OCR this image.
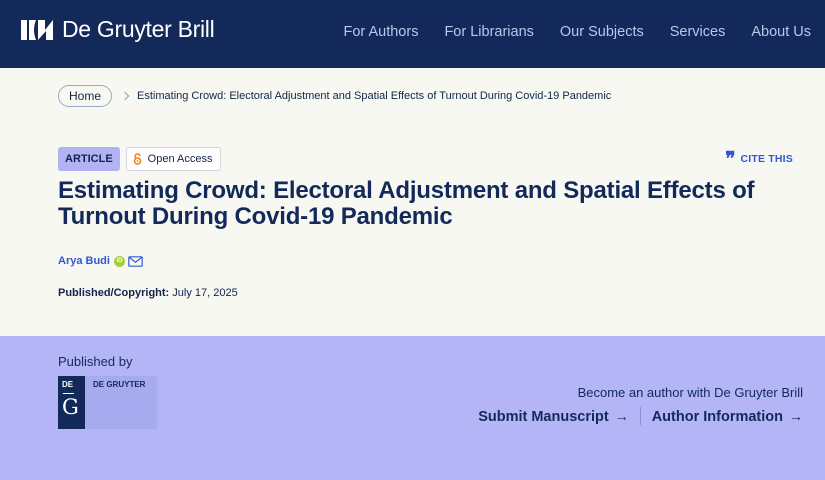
De Gruyter Brill	For Authors For Librarians Our Subjects Services About Us
Home	Estimating Crowd: Electoral Adjustment and Spatial Effects of Turnout During Covid-19 Pandemic
ARTICLE	Open Access	❞ CITE THIS
Estimating Crowd: Electoral Adjustment and Spatial Effects of Turnout During Covid-19 Pandemic
Arya Budi	iD
Published/Copyright: July 17, 2025
Published by
DE
G
DE GRUYTER
Become an author with De Gruyter Brill
Submit Manuscript → Author Information →
